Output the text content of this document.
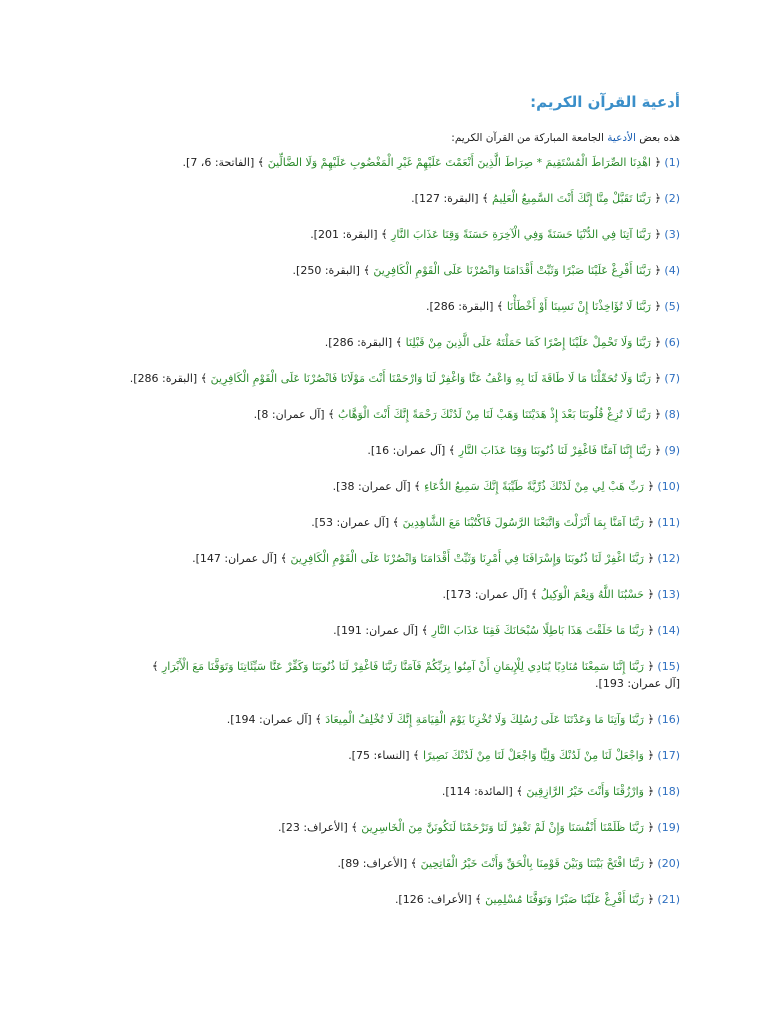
أدعية القرآن الكريم:

هذه بعض الأدعية الجامعة المباركة من القرآن الكريم:

(1) ﴿ اهْدِنَا الصِّرَاطَ الْمُسْتَقِيمَ * صِرَاطَ الَّذِينَ أَنْعَمْتَ عَلَيْهِمْ غَيْرِ الْمَغْضُوبِ عَلَيْهِمْ وَلَا الضَّالِّينَ ﴾ [الفاتحة: 6، 7].
(2) ﴿ رَبَّنَا تَقَبَّلْ مِنَّا إِنَّكَ أَنْتَ السَّمِيعُ الْعَلِيمُ ﴾ [البقرة: 127].
(3) ﴿ رَبَّنَا آتِنَا فِي الدُّنْيَا حَسَنَةً وَفِي الْآخِرَةِ حَسَنَةً وَقِنَا عَذَابَ النَّارِ ﴾ [البقرة: 201].
(4) ﴿ رَبَّنَا أَفْرِغْ عَلَيْنَا صَبْرًا وَثَبِّتْ أَقْدَامَنَا وَانْصُرْنَا عَلَى الْقَوْمِ الْكَافِرِينَ ﴾ [البقرة: 250].
(5) ﴿ رَبَّنَا لَا تُؤَاخِذْنَا إِنْ نَسِينَا أَوْ أَخْطَأْنَا ﴾ [البقرة: 286].
(6) ﴿ رَبَّنَا وَلَا تَحْمِلْ عَلَيْنَا إِصْرًا كَمَا حَمَلْتَهُ عَلَى الَّذِينَ مِنْ قَبْلِنَا ﴾ [البقرة: 286].
(7) ﴿ رَبَّنَا وَلَا تُحَمِّلْنَا مَا لَا طَاقَةَ لَنَا بِهِ وَاعْفُ عَنَّا وَاغْفِرْ لَنَا وَارْحَمْنَا أَنْتَ مَوْلَانَا فَانْصُرْنَا عَلَى الْقَوْمِ الْكَافِرِينَ ﴾ [البقرة: 286].
(8) ﴿ رَبَّنَا لَا تُزِغْ قُلُوبَنَا بَعْدَ إِذْ هَدَيْتَنَا وَهَبْ لَنَا مِنْ لَدُنْكَ رَحْمَةً إِنَّكَ أَنْتَ الْوَهَّابُ ﴾ [آل عمران: 8].
(9) ﴿ رَبَّنَا إِنَّنَا آمَنَّا فَاغْفِرْ لَنَا ذُنُوبَنَا وَقِنَا عَذَابَ النَّارِ ﴾ [آل عمران: 16].
(10) ﴿ رَبِّ هَبْ لِي مِنْ لَدُنْكَ ذُرِّيَّةً طَيِّبَةً إِنَّكَ سَمِيعُ الدُّعَاءِ ﴾ [آل عمران: 38].
(11) ﴿ رَبَّنَا آمَنَّا بِمَا أَنْزَلْتَ وَاتَّبَعْنَا الرَّسُولَ فَاكْتُبْنَا مَعَ الشَّاهِدِينَ ﴾ [آل عمران: 53].
(12) ﴿ رَبَّنَا اغْفِرْ لَنَا ذُنُوبَنَا وَإِسْرَافَنَا فِي أَمْرِنَا وَثَبِّتْ أَقْدَامَنَا وَانْصُرْنَا عَلَى الْقَوْمِ الْكَافِرِينَ ﴾ [آل عمران: 147].
(13) ﴿ حَسْبُنَا اللَّهُ وَنِعْمَ الْوَكِيلُ ﴾ [آل عمران: 173].
(14) ﴿ رَبَّنَا مَا خَلَقْتَ هَذَا بَاطِلًا سُبْحَانَكَ فَقِنَا عَذَابَ النَّارِ ﴾ [آل عمران: 191].
(15) ﴿ رَبَّنَا إِنَّنَا سَمِعْنَا مُنَادِيًا يُنَادِي لِلْإِيمَانِ أَنْ آمِنُوا بِرَبِّكُمْ فَآمَنَّا رَبَّنَا فَاغْفِرْ لَنَا ذُنُوبَنَا وَكَفِّرْ عَنَّا سَيِّئَاتِنَا وَتَوَفَّنَا مَعَ الْأَبْرَارِ ﴾ [آل عمران: 193].
(16) ﴿ رَبَّنَا وَآتِنَا مَا وَعَدْتَنَا عَلَى رُسُلِكَ وَلَا تُخْزِنَا يَوْمَ الْقِيَامَةِ إِنَّكَ لَا تُخْلِفُ الْمِيعَادَ ﴾ [آل عمران: 194].
(17) ﴿ وَاجْعَلْ لَنَا مِنْ لَدُنْكَ وَلِيًّا وَاجْعَلْ لَنَا مِنْ لَدُنْكَ نَصِيرًا ﴾ [النساء: 75].
(18) ﴿ وَارْزُقْنَا وَأَنْتَ خَيْرُ الرَّازِقِينَ ﴾ [المائدة: 114].
(19) ﴿ رَبَّنَا ظَلَمْنَا أَنْفُسَنَا وَإِنْ لَمْ تَغْفِرْ لَنَا وَتَرْحَمْنَا لَنَكُونَنَّ مِنَ الْخَاسِرِينَ ﴾ [الأعراف: 23].
(20) ﴿ رَبَّنَا افْتَحْ بَيْنَنَا وَبَيْنَ قَوْمِنَا بِالْحَقِّ وَأَنْتَ خَيْرُ الْفَاتِحِينَ ﴾ [الأعراف: 89].
(21) ﴿ رَبَّنَا أَفْرِغْ عَلَيْنَا صَبْرًا وَتَوَفَّنَا مُسْلِمِينَ ﴾ [الأعراف: 126].
